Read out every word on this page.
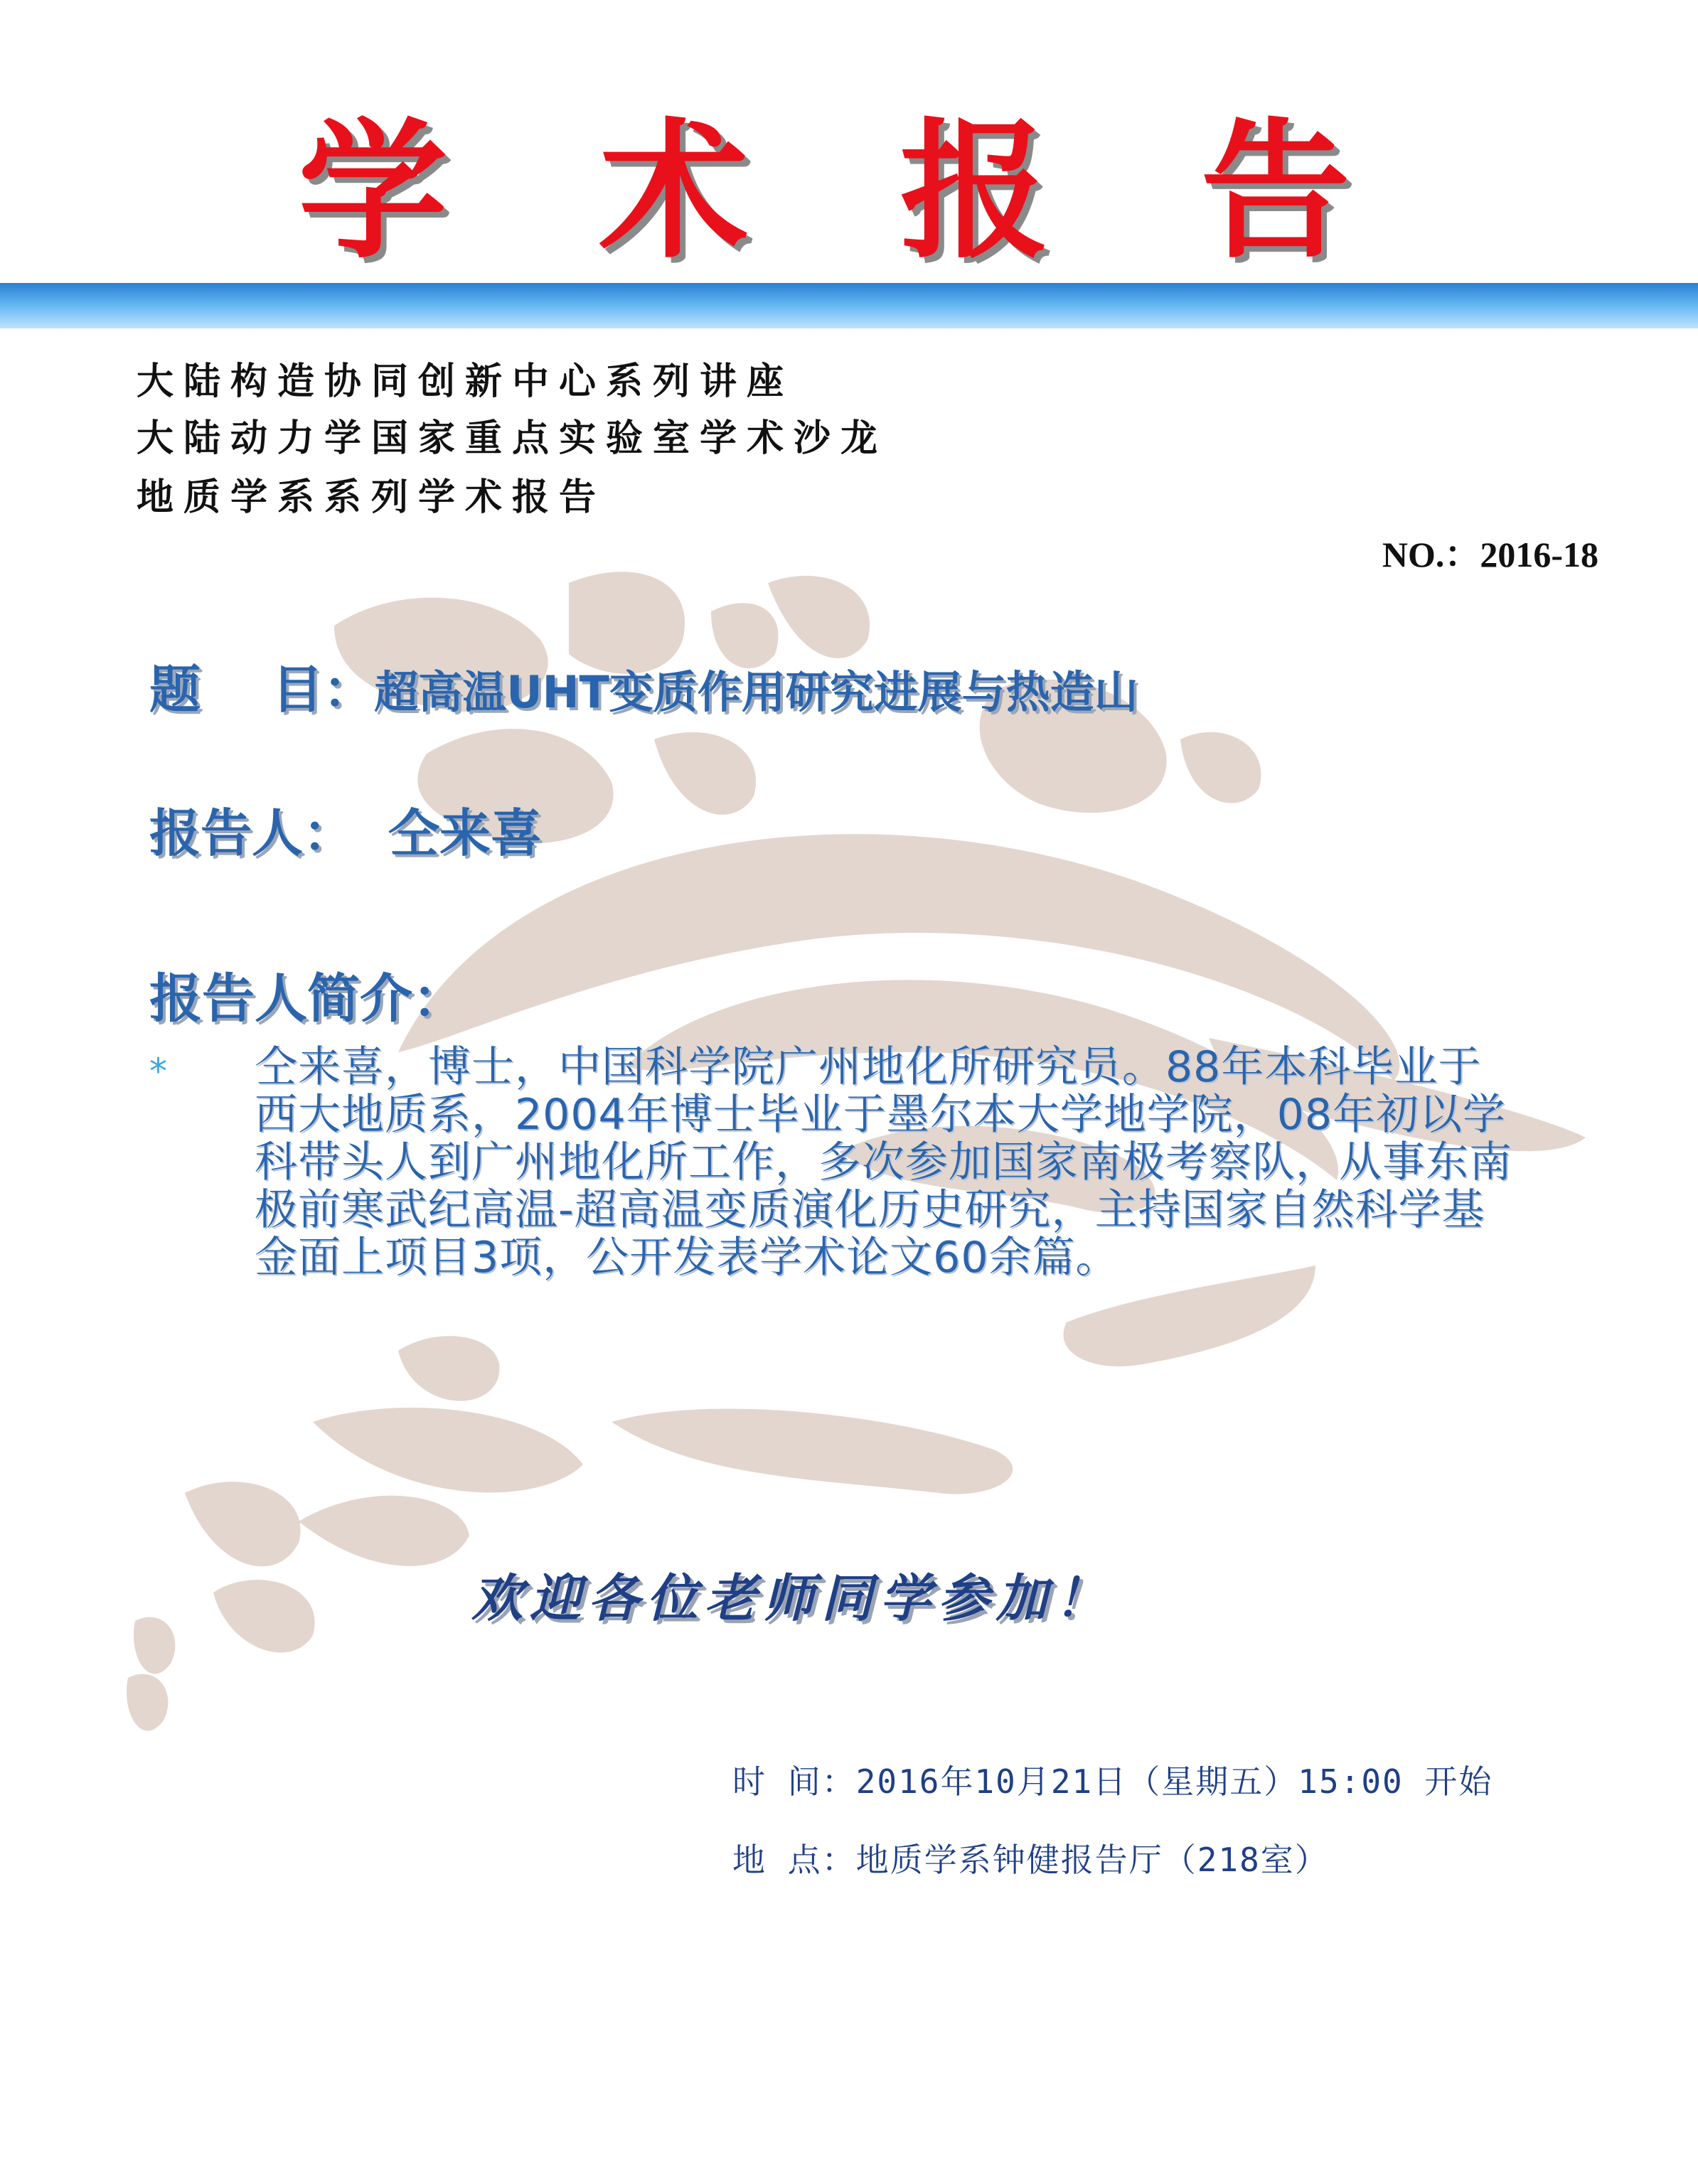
学 术 报 告
大陆构造协同创新中心系列讲座
大陆动力学国家重点实验室学术沙龙
地质学系系列学术报告
NO.：2016-18
题    目：超高温UHT变质作用研究进展与热造山
报告人： 仝来喜
报告人简介：
* 仝来喜，博士，中国科学院广州地化所研究员。88年本科毕业于西大地质系，2004年博士毕业于墨尔本大学地学院，08年初以学科带头人到广州地化所工作，多次参加国家南极考察队，从事东南极前寒武纪高温-超高温变质演化历史研究，主持国家自然科学基金面上项目3项，公开发表学术论文60余篇。
欢迎各位老师同学参加！
时 间：2016年10月21日（星期五）15:00 开始
地 点：地质学系钟健报告厅（218室）
